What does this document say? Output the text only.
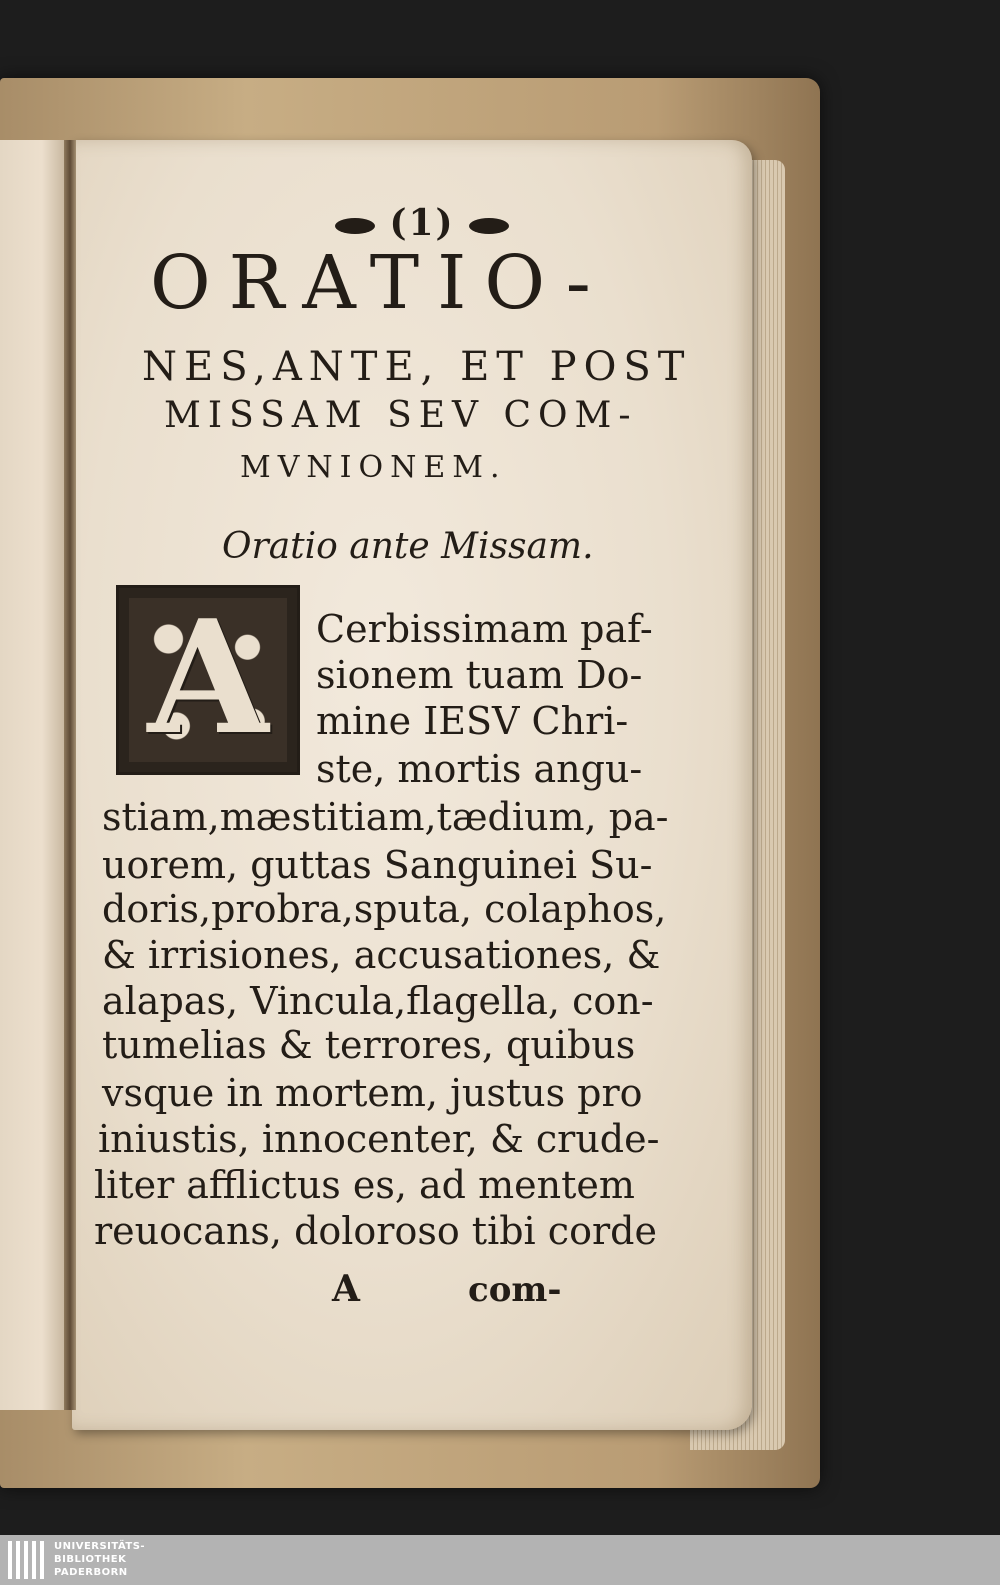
(1)
ORATIO-
NES,ANTE, ET POST
MISSAM SEV COM-
MVNIONEM.
Oratio ante Missam.
A	Cerbissimam paf-
sionem tuam Do-
mine IESV Chri-
ste, mortis angu-
stiam,mæstitiam,tædium, pa-
uorem, guttas Sanguinei Su-
doris,probra,sputa, colaphos,
& irrisiones, accusationes, &
alapas, Vincula,flagella, con-
tumelias & terrores, quibus
vsque in mortem, justus pro
iniustis, innocenter, & crude-
liter afflictus es, ad mentem
reuocans, doloroso tibi corde
A	com-
UNIVERSITÄTS-
BIBLIOTHEK
PADERBORN
